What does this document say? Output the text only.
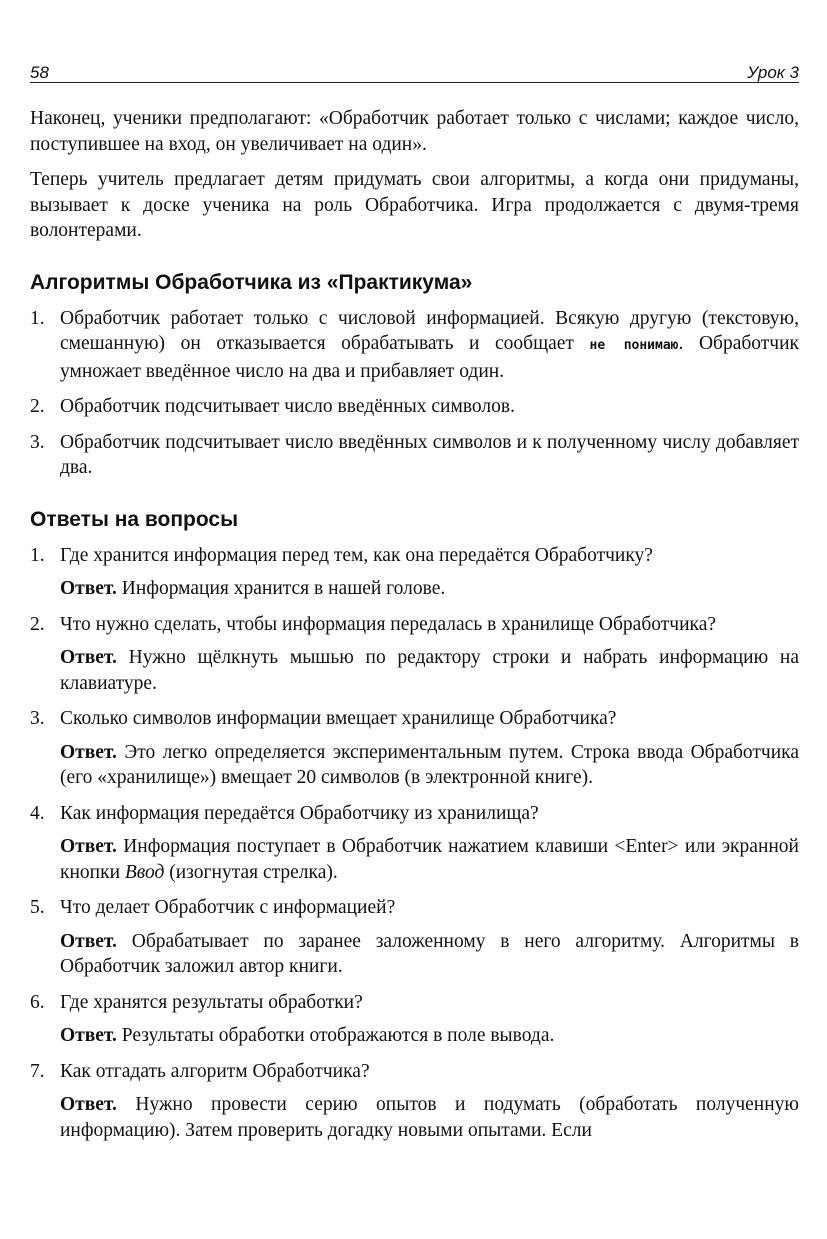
58	Урок 3

Наконец, ученики предполагают: «Обработчик работает только с числами; каждое число, поступившее на вход, он увеличивает на один».

Теперь учитель предлагает детям придумать свои алгоритмы, а когда они придуманы, вызывает к доске ученика на роль Обработчика. Игра продолжается с двумя-тремя волонтерами.

Алгоритмы Обработчика из «Практикума»
1. Обработчик работает только с числовой информацией. Всякую другую (текстовую, смешанную) он отказывается обрабатывать и сообщает не понимаю. Обработчик умножает введённое число на два и прибавляет один.
2. Обработчик подсчитывает число введённых символов.
3. Обработчик подсчитывает число введённых символов и к полученному числу добавляет два.
Ответы на вопросы
1. Где хранится информация перед тем, как она передаётся Обработчику?
Ответ. Информация хранится в нашей голове.
2. Что нужно сделать, чтобы информация передалась в хранилище Обработчика?
Ответ. Нужно щёлкнуть мышью по редактору строки и набрать информацию на клавиатуре.
3. Сколько символов информации вмещает хранилище Обработчика?
Ответ. Это легко определяется экспериментальным путем. Строка ввода Обработчика (его «хранилище») вмещает 20 символов (в электронной книге).
4. Как информация передаётся Обработчику из хранилища?
Ответ. Информация поступает в Обработчик нажатием клавиши <Enter> или экранной кнопки Ввод (изогнутая стрелка).
5. Что делает Обработчик с информацией?
Ответ. Обрабатывает по заранее заложенному в него алгоритму. Алгоритмы в Обработчик заложил автор книги.
6. Где хранятся результаты обработки?
Ответ. Результаты обработки отображаются в поле вывода.
7. Как отгадать алгоритм Обработчика?
Ответ. Нужно провести серию опытов и подумать (обработать полученную информацию). Затем проверить догадку новыми опытами. Если
